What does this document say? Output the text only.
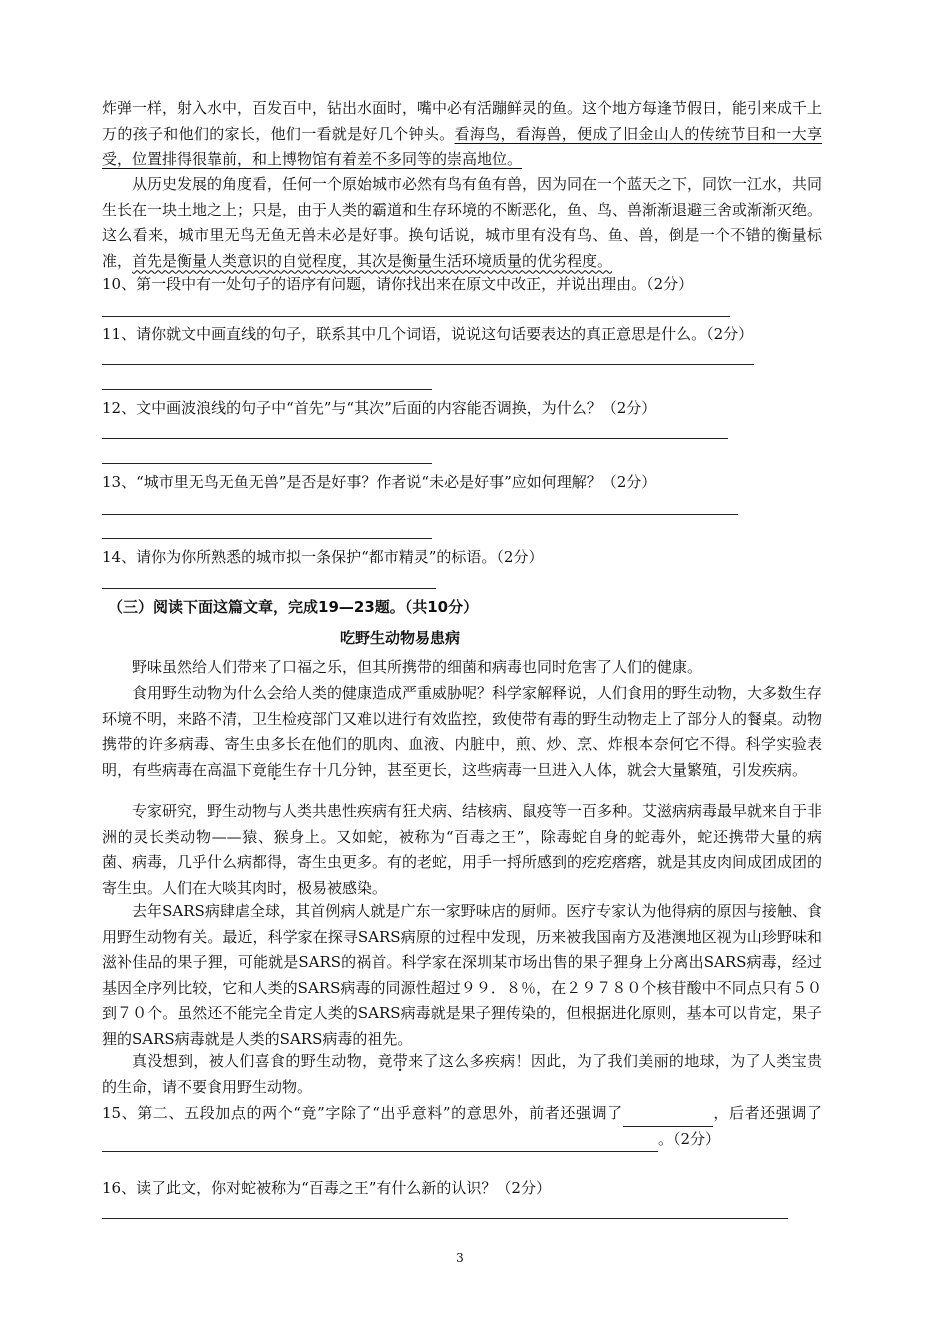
炸弹一样，射入水中，百发百中，钻出水面时，嘴中必有活蹦鲜灵的鱼。这个地方每逢节假日，能引来成千上万的孩子和他们的家长，他们一看就是好几个钟头。看海鸟，看海兽，便成了旧金山人的传统节目和一大享受，位置排得很靠前，和上博物馆有着差不多同等的崇高地位。

从历史发展的角度看，任何一个原始城市必然有鸟有鱼有兽，因为同在一个蓝天之下，同饮一江水，共同生长在一块土地之上；只是，由于人类的霸道和生存环境的不断恶化，鱼、鸟、兽渐渐退避三舍或渐渐灭绝。这么看来，城市里无鸟无鱼无兽未必是好事。换句话说，城市里有没有鸟、鱼、兽，倒是一个不错的衡量标准，首先是衡量人类意识的自觉程度，其次是衡量生活环境质量的优劣程度。

10、第一段中有一处句子的语序有问题，请你找出来在原文中改正，并说出理由。（2分）

11、请你就文中画直线的句子，联系其中几个词语，说说这句话要表达的真正意思是什么。（2分）

12、文中画波浪线的句子中“首先”与“其次”后面的内容能否调换，为什么？（2分）

13、“城市里无鸟无鱼无兽”是否是好事？作者说“未必是好事”应如何理解？（2分）

14、请你为你所熟悉的城市拟一条保护“都市精灵”的标语。（2分）

（三）阅读下面这篇文章，完成19—23题。（共10分）

吃野生动物易患病

野味虽然给人们带来了口福之乐，但其所携带的细菌和病毒也同时危害了人们的健康。

食用野生动物为什么会给人类的健康造成严重威胁呢？科学家解释说，人们食用的野生动物，大多数生存环境不明，来路不清，卫生检疫部门又难以进行有效监控，致使带有毒的野生动物走上了部分人的餐桌。动物携带的许多病毒、寄生虫多长在他们的肌肉、血液、内脏中，煎、炒、烹、炸根本奈何它不得。科学实验表明，有些病毒在高温下竟能生存十几分钟，甚至更长，这些病毒一旦进入人体，就会大量繁殖，引发疾病。

专家研究，野生动物与人类共患性疾病有狂犬病、结核病、鼠疫等一百多种。艾滋病病毒最早就来自于非洲的灵长类动物——猿、猴身上。又如蛇，被称为“百毒之王”，除毒蛇自身的蛇毒外，蛇还携带大量的病菌、病毒，几乎什么病都得，寄生虫更多。有的老蛇，用手一捋所感到的疙疙瘩瘩，就是其皮肉间成团成团的寄生虫。人们在大啖其肉时，极易被感染。

去年SARS病肆虐全球，其首例病人就是广东一家野味店的厨师。医疗专家认为他得病的原因与接触、食用野生动物有关。最近，科学家在探寻SARS病原的过程中发现，历来被我国南方及港澳地区视为山珍野味和滋补佳品的果子狸，可能就是SARS的祸首。科学家在深圳某市场出售的果子狸身上分离出SARS病毒，经过基因全序列比较，它和人类的SARS病毒的同源性超过９９．８％，在２９７８０个核苷酸中不同点只有５０到７０个。虽然还不能完全肯定人类的SARS病毒就是果子狸传染的，但根据进化原则，基本可以肯定，果子狸的SARS病毒就是人类的SARS病毒的祖先。

真没想到，被人们喜食的野生动物，竟带来了这么多疾病！因此，为了我们美丽的地球，为了人类宝贵的生命，请不要食用野生动物。

15、第二、五段加点的两个“竟”字除了“出乎意料”的意思外，前者还强调了	，后者还强调了。（2分）

16、读了此文，你对蛇被称为“百毒之王”有什么新的认识？（2分）

3
